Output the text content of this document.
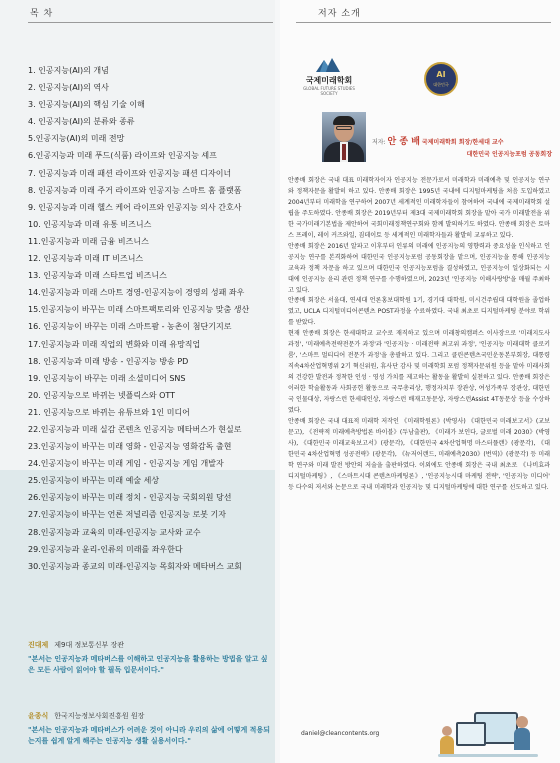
목 차
1. 인공지능(AI)의 개념
2. 인공지능(AI)의 역사
3. 인공지능(AI)의 핵심 기술 이해
4. 인공지능(AI)의 분류와 종류
5.인공지능(AI)의 미래 전망
6.인공지능과 미래 푸드(식품) 라이프와 인공지능 셰프
7. 인공지능과 미래 패션 라이프와 인공지능 패션 디자이너
8. 인공지능과 미래 주거 라이프와 인공지능 스마트 홈 플랫폼
9. 인공지능과 미래 헬스 케어 라이프와 인공지능 의사 간호사
10. 인공지능과 미래 유통 비즈니스
11.인공지능과 미래 금융 비즈니스
12. 인공지능과 미래 IT 비즈니스
13. 인공지능과 미래 스타트업 비즈니스
14.인공지능과 미래 스마트 경영-인공지능이 경영의 성패 좌우
15.인공지능이 바꾸는 미래 스마트팩토리와 인공지능 맞춤 생산
16. 인공지능이 바꾸는 미래 스마트팜 - 농촌이 첨단기지로
17.인공지능과 미래 직업의 변화와 미래 유망직업
18. 인공지능과 미래 방송 - 인공지능 방송 PD
19. 인공지능이 바꾸는 미래 소셜미디어 SNS
20. 인공지능으로 바뀌는 넷플릭스와 OTT
21. 인공지능으로 바뀌는 유튜브와 1인 미디어
22.인공지능과 미래 실감 콘텐츠 인공지능 메타버스가 현실로
23.인공지능이 바꾸는 미래 영화 - 인공지능 영화감독 출현
24.인공지능이 바꾸는 미래 게임 - 인공지능 게임 개발자
25.인공지능이 바꾸는 미래 예술 세상
26.인공지능이 바꾸는 미래 정치 - 인공지능 국회의원 당선
27.인공지능이 바꾸는 언론 저널리즘 인공지능 로봇 기자
28.인공지능과 교육의 미래-인공지능 교사와 교수
29.인공지능과 윤리-인류의 미래를 좌우한다
30.인공지능과 종교의 미래-인공지능 목회자와 메타버스 교회
진대제 제9대 정보통신부 장관
"본서는 인공지능과 메타버스를 이해하고 인공지능을 활용하는 방법을 알고 싶은 모든 사람이 읽어야 할 필독 입문서이다."
윤종식 한국지능정보사회진흥원 원장
"본서는 인공지능과 메타버스가 어려운 것이 아니라 우리의 삶에 어떻게 적용되는지를 쉽게 알게 해주는 인공지능 생활 실용서이다."
저자 소개
국제미래학회
GLOBAL FUTURE STUDIES SOCIETY
AI
대한민국
저자: 안 종 배 국제미래학회 회장/한세대 교수
대한민국 인공지능포럼 공동회장

안종배 회장은 국내 대표 미래학자이자 인공지능 전문가로서 미래학과 미래예측 및 인공지능 연구와 정책자문을 활발히 하고 있다. 안종배 회장은 1995년 국내에 디지털마케팅을 처음 도입하였고 2004년부터 미래학을 연구하여 2007년 세계적인 미래학자들이 참여하여 국내에 국제미래학회 설립을 주도하였다. 안종배 회장은 2019년부터 제3대 국제미래학회 회장을 맡아 국가 미래발전을 위한 국가미래기본법을 제안하여 국회미래정책연구회와 함께 발의하기도 하였다. 안종배 회장은 토마스 프레이, 레이 커즈와일, 짐데이토 등 세계적인 미래학자들과 활발히 교류하고 있다.

안종배 회장은 2016년 알파고 이후부터 인류의 미래에 인공지능의 영향력과 중요성을 인식하고 인공지능 연구를 본격화하여 대한민국 인공지능포럼 공동회장을 맡으며, 인공지능을 통해 인공지능 교육과 정책 자문을 하고 있으며 대한민국 인공지능포럼을 결성하였고, 인공지능이 일상화되는 시대에 인공지능 윤리 관련 정책 연구를 수행하였으며, 2023년 '인공지능 이해사랑방'을 매월 주최하고 있다.

안종배 회장은 서울대, 연세대 언론홍보대학원 1기, 경기대 대학원, 미시건주립대 대학원을 졸업하였고, UCLA 디지털미디어콘텐츠 POST과정을 수료하였다. 국내 최초로 디지털마케팅 분야로 학위를 받았다.

현재 안종배 회장은 한세대학교 교수로 재직하고 있으며 미래창의캠퍼스 이사장으로 '미래지도사 과정', '미래예측전략전문가 과정'과 '인공지능 · 미래전략 최고위 과정', '인공지능 미래대학 클로키룸', '스마트 멀티디어 전문가 과정'을 총괄하고 있다. 그리고 클린콘텐츠국민운동본부회장, 대통령직속4차산업혁명위 2기 혁신위원, 휴사단 감사 및 미래학회 포럼 정책자문위원 등을 맡아 미래사회의 건강한 발전과 정착한 인성 · 영성 가치를 제고하는 활동을 활발히 실천하고 있다. 안종배 회장은 이러한 학술활동과 사회공헌 활동으로 국무총리상, 행정자치부 장관상, 여성가족부 장관상, 대한민국 인물대상, 자랑스런 한세대인상, 자랑스런 배재고동문상, 자랑스런Assist 4T동문상 등을 수상하였다.

안종배 회장은 국내 대표적 미래학 저작인 《미래학원론》(박영사) 《대한민국 미래보고서》(교보문고), 《전략적 미래예측방법론 바이블》(두남출판), 《미래가 보인다, 글로벌 미래 2030》(박영사), 《대한민국 미래교육보고서》(광문각), 《대한민국 4차산업혁명 마스터플랜》(광문각), 《대한민국 4차산업혁명 성공전략》(광문각), 《뉴저어랜드, 미래예측2030》(번역)》(광문각) 등 미래학 연구와 미래 발전 방안의 저술을 출판하였다. 이외에도 안종배 회장은 국내 최초로 《나비효과 디지털마케팅》, 《스마트시대 콘텐츠마케팅론》, '인공지능시대 마케팅 전략', '인공지능 미디어' 등 다수의 저서와 논문으로 국내 미래학과 인공지능 및 디지털마케팅에 대한 연구를 선도하고 있다.

daniel@cleancontents.org
